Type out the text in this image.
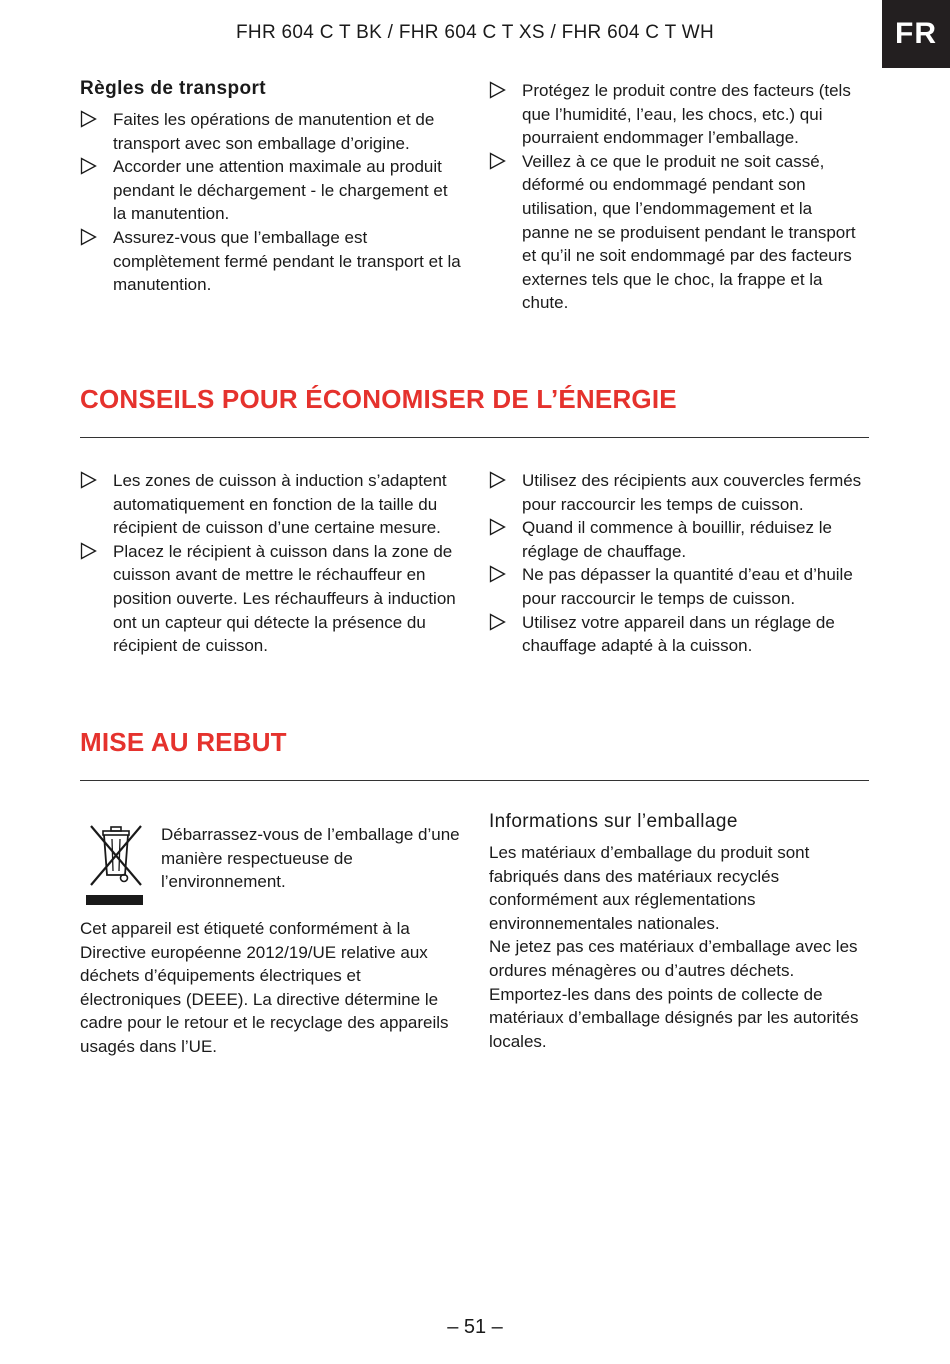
FHR 604 C T BK / FHR 604 C T XS / FHR 604 C T WH	FR
Règles de transport
Faites les opérations de manutention et de transport avec son emballage d’origine.
Accorder une attention maximale au produit pendant le déchargement - le chargement et la manutention.
Assurez-vous que l’emballage est complètement fermé pendant le transport et la manutention.
Protégez le produit contre des facteurs (tels que l’humidité, l’eau, les chocs, etc.) qui pourraient endommager l’emballage.
Veillez à ce que le produit ne soit cassé, déformé ou endommagé pendant son utilisation, que l’endommagement et la panne ne se produisent pendant le transport et qu’il ne soit endommagé par des facteurs externes tels que le choc, la frappe et la chute.
CONSEILS POUR ÉCONOMISER DE L’ÉNERGIE
Les zones de cuisson à induction s’adaptent automatiquement en fonction de la taille du récipient de cuisson d’une certaine mesure.
Placez le récipient à cuisson dans la zone de cuisson avant de mettre le réchauffeur en position ouverte. Les réchauffeurs à induction ont un capteur qui détecte la présence du récipient de cuisson.
Utilisez des récipients aux couvercles fermés pour raccourcir les temps de cuisson.
Quand il commence à bouillir, réduisez le réglage de chauffage.
Ne pas dépasser la quantité d’eau et d’huile pour raccourcir le temps de cuisson.
Utilisez votre appareil dans un réglage de chauffage adapté à la cuisson.
MISE AU REBUT

Débarrassez-vous de l’emballage d’une manière respectueuse de l’environnement.

Cet appareil est étiqueté conformément à la Directive européenne 2012/19/UE relative aux déchets d’équipements électriques et électroniques (DEEE). La directive détermine le cadre pour le retour et le recyclage des appareils usagés dans l’UE.

Informations sur l’emballage

Les matériaux d’emballage du produit sont fabriqués dans des matériaux recyclés conformément aux réglementations environnementales nationales.

Ne jetez pas ces matériaux d’emballage avec les ordures ménagères ou d’autres déchets. Emportez-les dans des points de collecte de matériaux d’emballage désignés par les autorités locales.

– 51 –
